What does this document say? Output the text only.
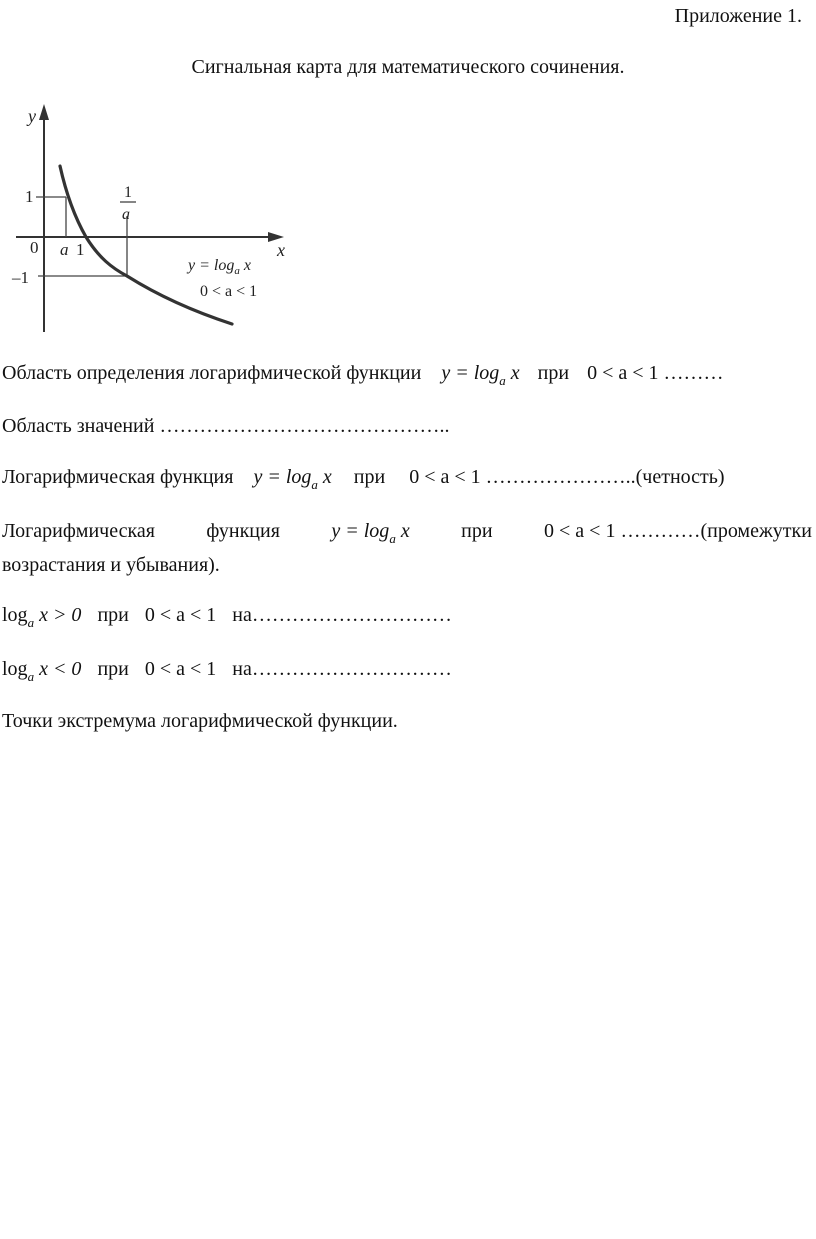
Приложение 1.
Сигнальная карта для математического сочинения.
y
x
0
1
–1
a 1
1
a
$y = \log_a x$
0 < a < 1
Область определения логарифмической функции $y = \log_a x$ при 0 < a < 1 ………
Область значений ……………………………………..
Логарифмическая функция $y = \log_a x$ при 0 < a < 1 …………………..(четность)
Логарифмическая	функция	$y = \log_a x$	при	0 < a < 1 …………(промежутки
возрастания и убывания).
$\log_a x > 0$ при 0 < a < 1 на…………………………
$\log_a x < 0$ при 0 < a < 1 на…………………………
Точки экстремума логарифмической функции.
